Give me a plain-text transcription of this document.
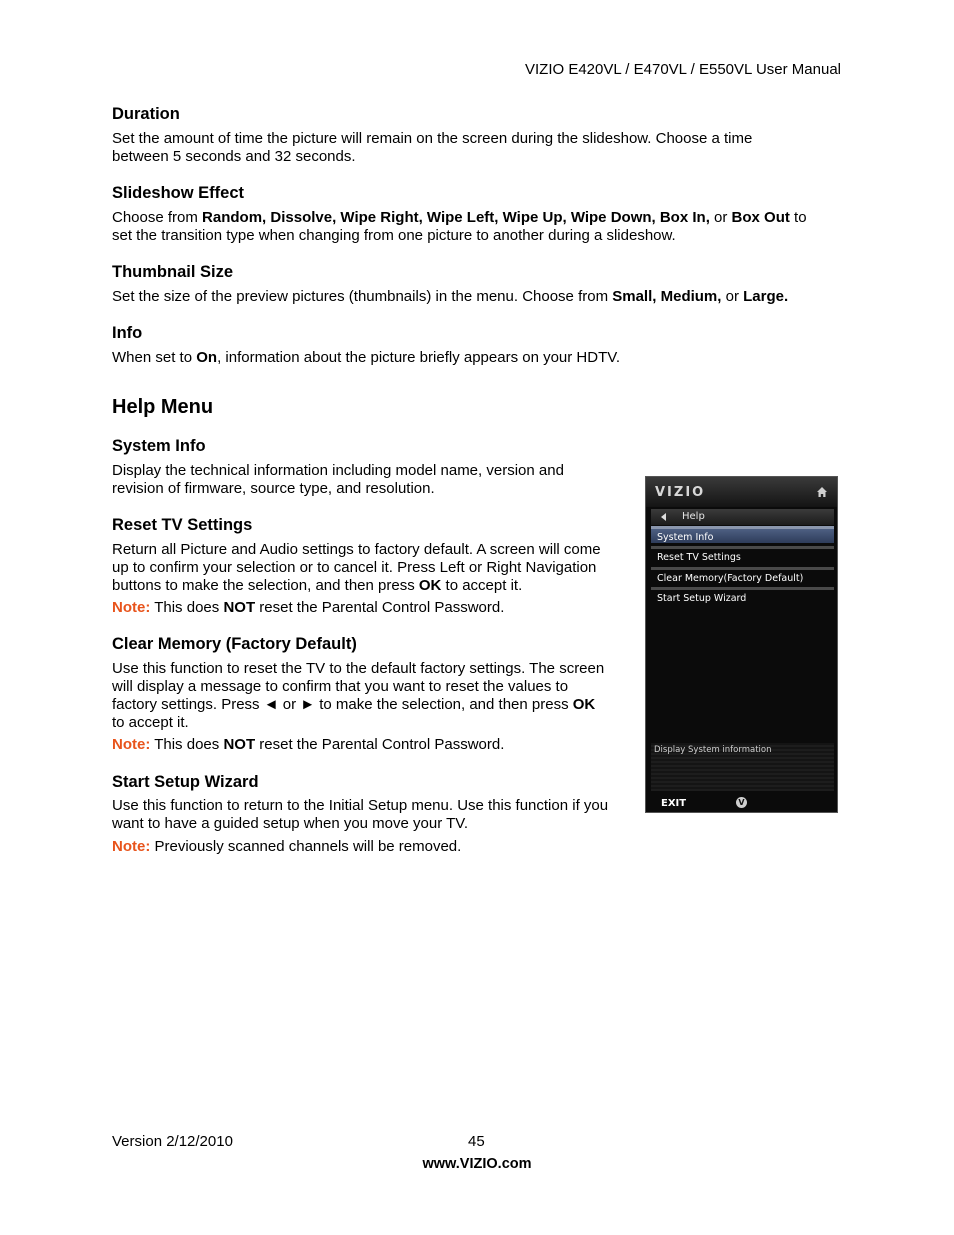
VIZIO E420VL / E470VL / E550VL User Manual
Duration
Set the amount of time the picture will remain on the screen during the slideshow. Choose a time
between 5 seconds and 32 seconds.
Slideshow Effect
Choose from Random, Dissolve, Wipe Right, Wipe Left, Wipe Up, Wipe Down, Box In, or Box Out to
set the transition type when changing from one picture to another during a slideshow.
Thumbnail Size
Set the size of the preview pictures (thumbnails) in the menu. Choose from Small, Medium, or Large.
Info
When set to On, information about the picture briefly appears on your HDTV.
Help Menu
System Info
Display the technical information including model name, version and
revision of firmware, source type, and resolution.
Reset TV Settings
Return all Picture and Audio settings to factory default. A screen will come
up to confirm your selection or to cancel it. Press Left or Right Navigation
buttons to make the selection, and then press OK to accept it.
Note: This does NOT reset the Parental Control Password.
Clear Memory (Factory Default)
Use this function to reset the TV to the default factory settings. The screen
will display a message to confirm that you want to reset the values to
factory settings. Press ◄ or ► to make the selection, and then press OK
to accept it.
Note: This does NOT reset the Parental Control Password.
Start Setup Wizard
Use this function to return to the Initial Setup menu. Use this function if you
want to have a guided setup when you move your TV.
Note: Previously scanned channels will be removed.
VIZIO
Help
System Info
Reset TV Settings
Clear Memory(Factory Default)
Start Setup Wizard
Display System information
EXIT	V
Version 2/12/2010	45
www.VIZIO.com
